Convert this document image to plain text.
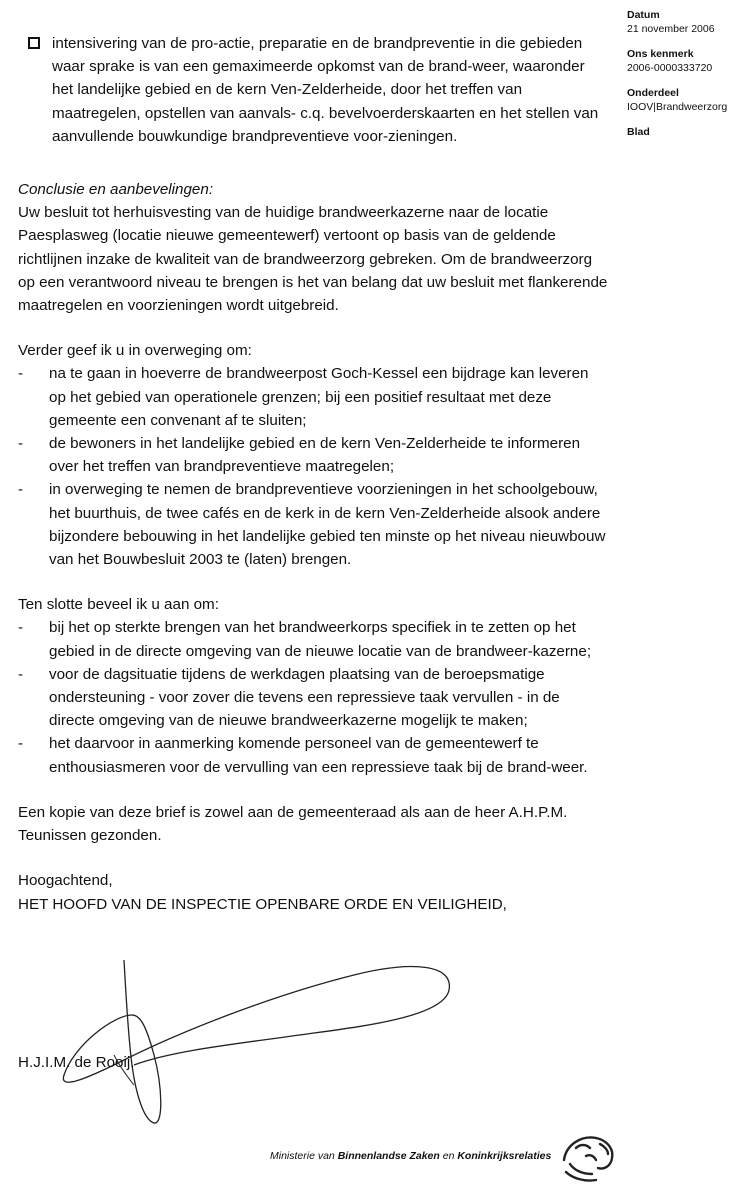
Datum
21 november 2006
Ons kenmerk
2006-0000333720
Onderdeel
IOOV|Brandweerzorg
Blad
intensivering van de pro-actie, preparatie en de brandpreventie in die gebieden waar sprake is van een gemaximeerde opkomst van de brand-weer, waaronder het landelijke gebied en de kern Ven-Zelderheide, door het treffen van maatregelen, opstellen van aanvals- c.q. bevelvoerderskaarten en het stellen van aanvullende bouwkundige brandpreventieve voor-zieningen.
Conclusie en aanbevelingen:
Uw besluit tot herhuisvesting van de huidige brandweerkazerne naar de locatie Paesplasweg (locatie nieuwe gemeentewerf) vertoont op basis van de geldende richtlijnen inzake de kwaliteit van de brandweerzorg gebreken. Om de brandweerzorg op een verantwoord niveau te brengen is het van belang dat uw besluit met flankerende maatregelen en voorzieningen wordt uitgebreid.
Verder geef ik u in overweging om:
- na te gaan in hoeverre de brandweerpost Goch-Kessel een bijdrage kan leveren op het gebied van operationele grenzen; bij een positief resultaat met deze gemeente een convenant af te sluiten;
- de bewoners in het landelijke gebied en de kern Ven-Zelderheide te informeren over het treffen van brandpreventieve maatregelen;
- in overweging te nemen de brandpreventieve voorzieningen in het schoolgebouw, het buurthuis, de twee cafés en de kerk in de kern Ven-Zelderheide alsook andere bijzondere bebouwing in het landelijke gebied ten minste op het niveau nieuwbouw van het Bouwbesluit 2003 te (laten) brengen.
Ten slotte beveel ik u aan om:
- bij het op sterkte brengen van het brandweerkorps specifiek in te zetten op het gebied in de directe omgeving van de nieuwe locatie van de brandweer-kazerne;
- voor de dagsituatie tijdens de werkdagen plaatsing van de beroepsmatige ondersteuning - voor zover die tevens een repressieve taak vervullen - in de directe omgeving van de nieuwe brandweerkazerne mogelijk te maken;
- het daarvoor in aanmerking komende personeel van de gemeentewerf te enthousiasmeren voor de vervulling van een repressieve taak bij de brand-weer.
Een kopie van deze brief is zowel aan de gemeenteraad als aan de heer A.H.P.M. Teunissen gezonden.
Hoogachtend,
HET HOOFD VAN DE INSPECTIE OPENBARE ORDE EN VEILIGHEID,
H.J.I.M. de Rooij.
Ministerie van Binnenlandse Zaken en Koninkrijksrelaties
